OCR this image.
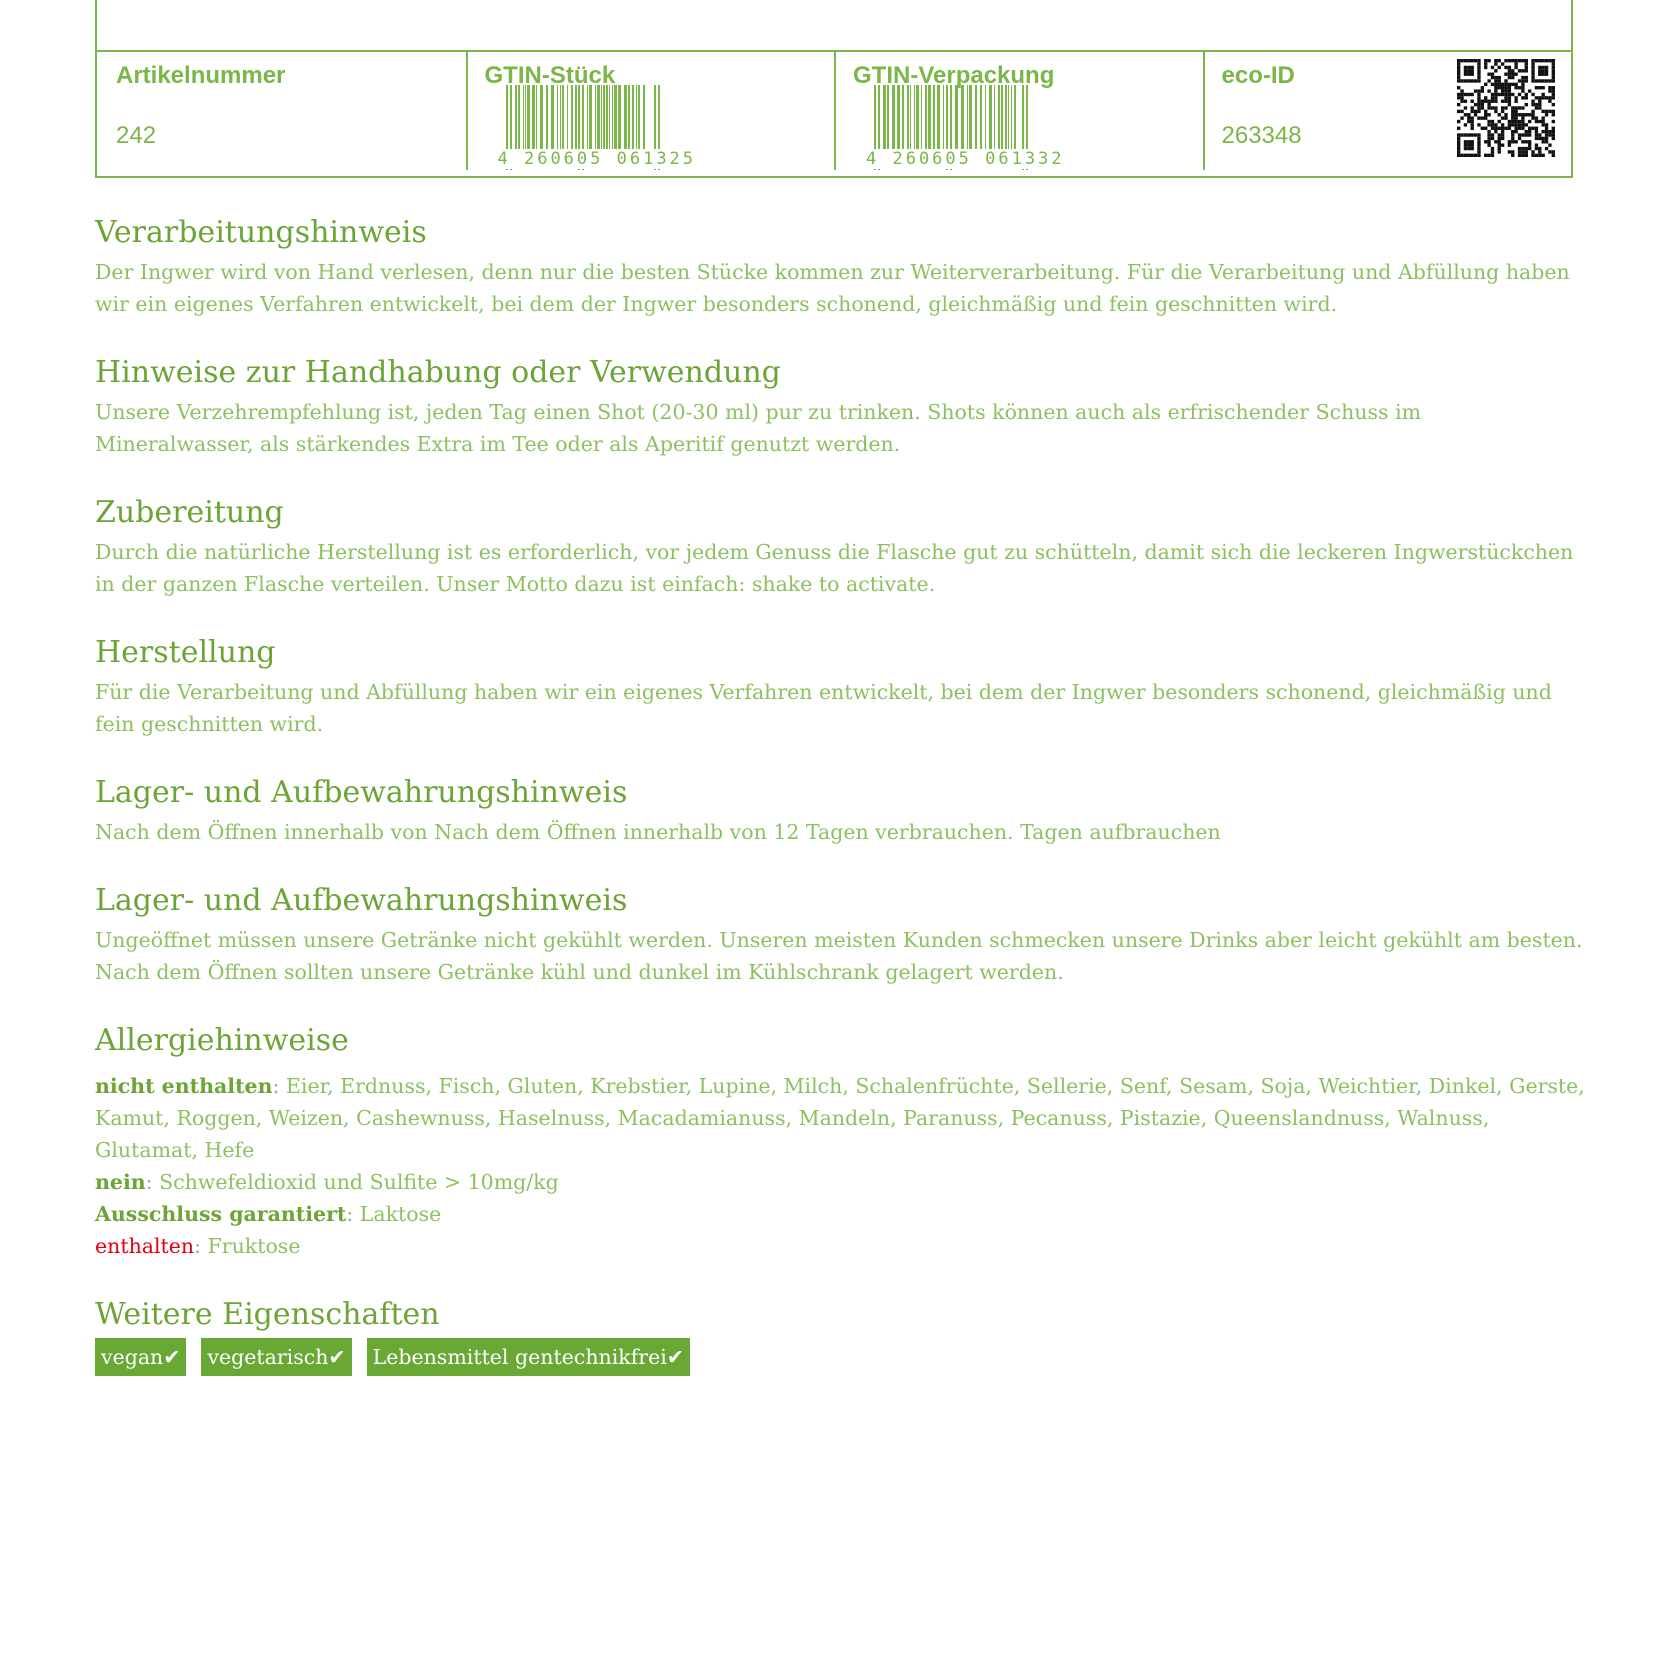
Artikelnummer
242
GTIN-Stück
4 260605 061325
GTIN-Verpackung
4 260605 061332
eco-ID
263348
Verarbeitungshinweis

Der Ingwer wird von Hand verlesen, denn nur die besten Stücke kommen zur Weiterverarbeitung. Für die Verarbeitung und Abfüllung haben wir ein eigenes Verfahren entwickelt, bei dem der Ingwer besonders schonend, gleichmäßig und fein geschnitten wird.

Hinweise zur Handhabung oder Verwendung

Unsere Verzehrempfehlung ist, jeden Tag einen Shot (20-30 ml) pur zu trinken. Shots können auch als erfrischender Schuss im Mineralwasser, als stärkendes Extra im Tee oder als Aperitif genutzt werden.

Zubereitung

Durch die natürliche Herstellung ist es erforderlich, vor jedem Genuss die Flasche gut zu schütteln, damit sich die leckeren Ingwerstückchen in der ganzen Flasche verteilen. Unser Motto dazu ist einfach: shake to activate.

Herstellung

Für die Verarbeitung und Abfüllung haben wir ein eigenes Verfahren entwickelt, bei dem der Ingwer besonders schonend, gleichmäßig und fein geschnitten wird.

Lager- und Aufbewahrungshinweis

Nach dem Öffnen innerhalb von Nach dem Öffnen innerhalb von 12 Tagen verbrauchen. Tagen aufbrauchen

Lager- und Aufbewahrungshinweis

Ungeöffnet müssen unsere Getränke nicht gekühlt werden. Unseren meisten Kunden schmecken unsere Drinks aber leicht gekühlt am besten.

Nach dem Öffnen sollten unsere Getränke kühl und dunkel im Kühlschrank gelagert werden.

Allergiehinweise

nicht enthalten: Eier, Erdnuss, Fisch, Gluten, Krebstier, Lupine, Milch, Schalenfrüchte, Sellerie, Senf, Sesam, Soja, Weichtier, Dinkel, Gerste, Kamut, Roggen, Weizen, Cashewnuss, Haselnuss, Macadamianuss, Mandeln, Paranuss, Pecanuss, Pistazie, Queenslandnuss, Walnuss, Glutamat, Hefe

nein: Schwefeldioxid und Sulfite > 10mg/kg

Ausschluss garantiert: Laktose

enthalten: Fruktose

Weitere Eigenschaften
vegan✔ vegetarisch✔ Lebensmittel gentechnikfrei✔
